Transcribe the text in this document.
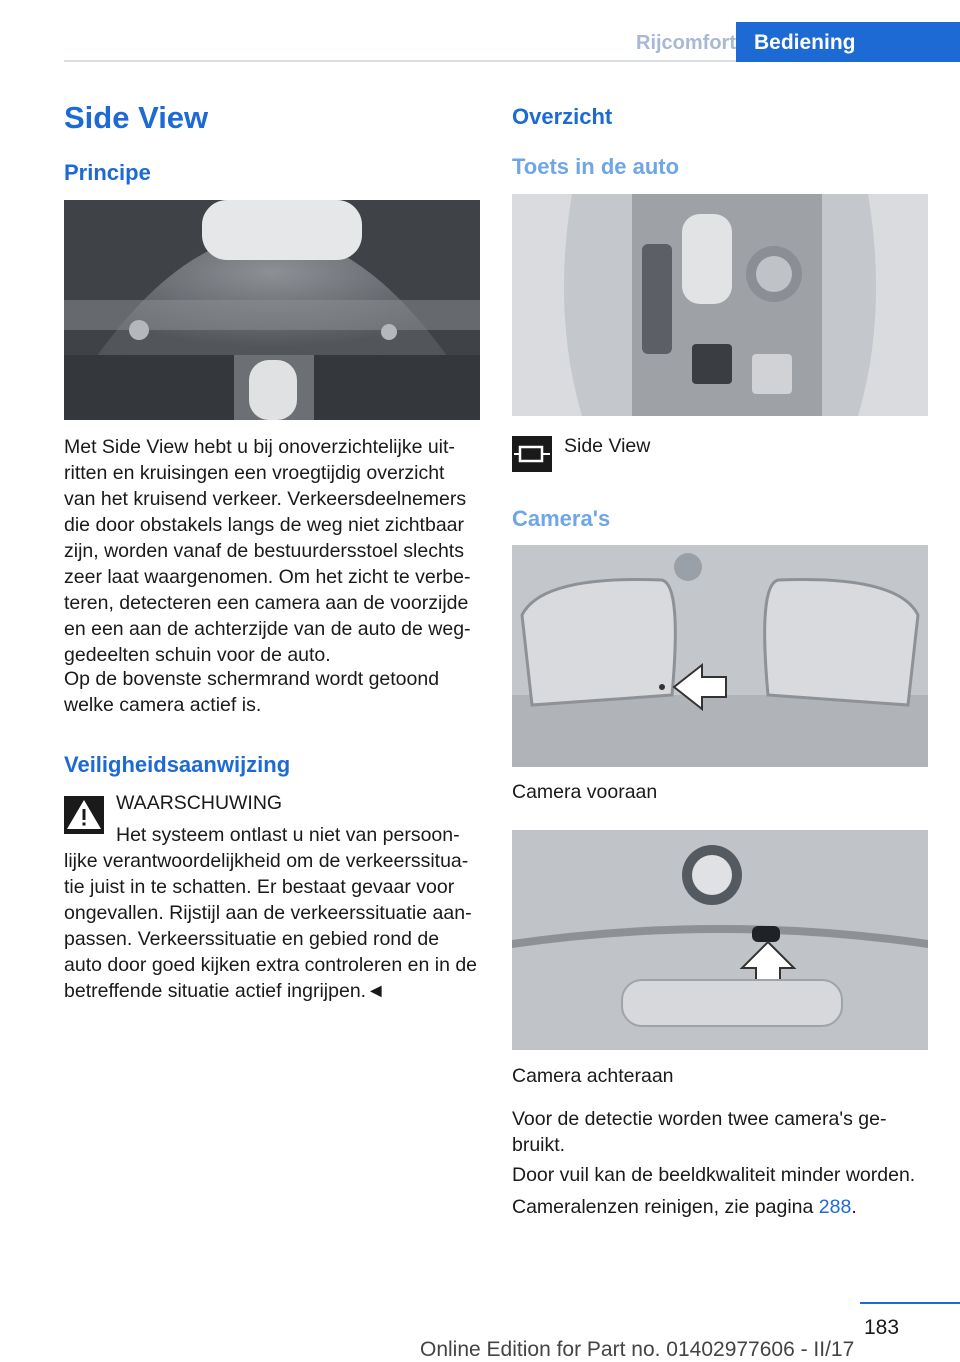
Rijcomfort Bediening
Side View
Principe
Met Side View hebt u bij onoverzichtelijke uit-ritten en kruisingen een vroegtijdig overzicht van het kruisend verkeer. Verkeersdeelnemers die door obstakels langs de weg niet zichtbaar zijn, worden vanaf de bestuurdersstoel slechts zeer laat waargenomen. Om het zicht te verbe-teren, detecteren een camera aan de voorzijde en een aan de achterzijde van de auto de weg-gedeelten schuin voor de auto.
Op de bovenste schermrand wordt getoond welke camera actief is.
Veiligheidsaanwijzing
WAARSCHUWING
Het systeem ontlast u niet van persoon-lijke verantwoordelijkheid om de verkeerssitua-tie juist in te schatten. Er bestaat gevaar voor ongevallen. Rijstijl aan de verkeerssituatie aan-passen. Verkeerssituatie en gebied rond de auto door goed kijken extra controleren en in de betreffende situatie actief ingrijpen.◄
Overzicht
Toets in de auto
Side View
Camera's
Camera vooraan
Camera achteraan
Voor de detectie worden twee camera's ge-bruikt.
Door vuil kan de beeldkwaliteit minder worden.
Cameralenzen reinigen, zie pagina 288.
183
Online Edition for Part no. 01402977606 - II/17
